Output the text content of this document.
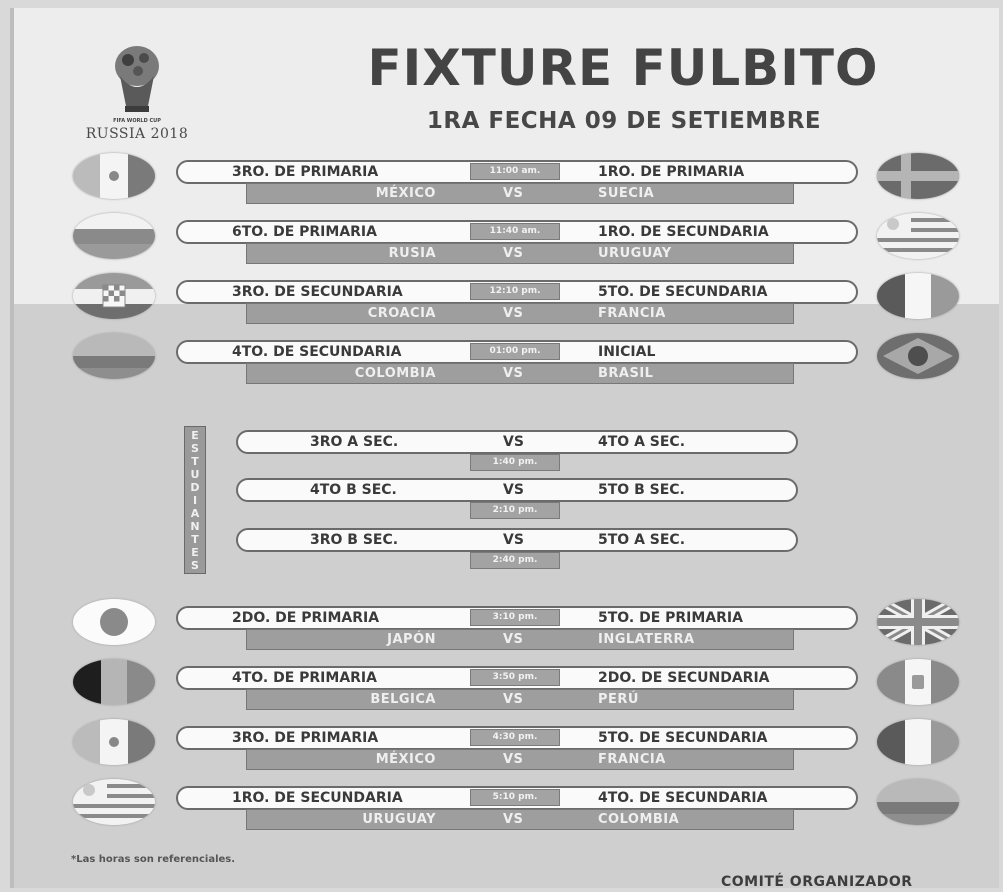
FIFA WORLD CUP
RUSSIA 2018
FIXTURE FULBITO
1RA FECHA 09 DE SETIEMBRE
3RO. DE PRIMARIA	11:00 am.	1RO. DE PRIMARIA
MÉXICO	VS	SUECIA
6TO. DE PRIMARIA	11:40 am.	1RO. DE SECUNDARIA
RUSIA	VS	URUGUAY
3RO. DE SECUNDARIA	12:10 pm.	5TO. DE SECUNDARIA
CROACIA	VS	FRANCIA
4TO. DE SECUNDARIA	01:00 pm.	INICIAL
COLOMBIA	VS	BRASIL
2DO. DE PRIMARIA	3:10 pm.	5TO. DE PRIMARIA
JAPÓN	VS	INGLATERRA
4TO. DE PRIMARIA	3:50 pm.	2DO. DE SECUNDARIA
BELGICA	VS	PERÚ
3RO. DE PRIMARIA	4:30 pm.	5TO. DE SECUNDARIA
MÉXICO	VS	FRANCIA
1RO. DE SECUNDARIA	5:10 pm.	4TO. DE SECUNDARIA
URUGUAY	VS	COLOMBIA
E
S
T
U
D
I
A
N
T
E
S
3RO A SEC.	VS	4TO A SEC.
1:40 pm.
4TO B SEC.	VS	5TO B SEC.
2:10 pm.
3RO B SEC.	VS	5TO A SEC.
2:40 pm.
*Las horas son referenciales.
COMITÉ ORGANIZADOR
